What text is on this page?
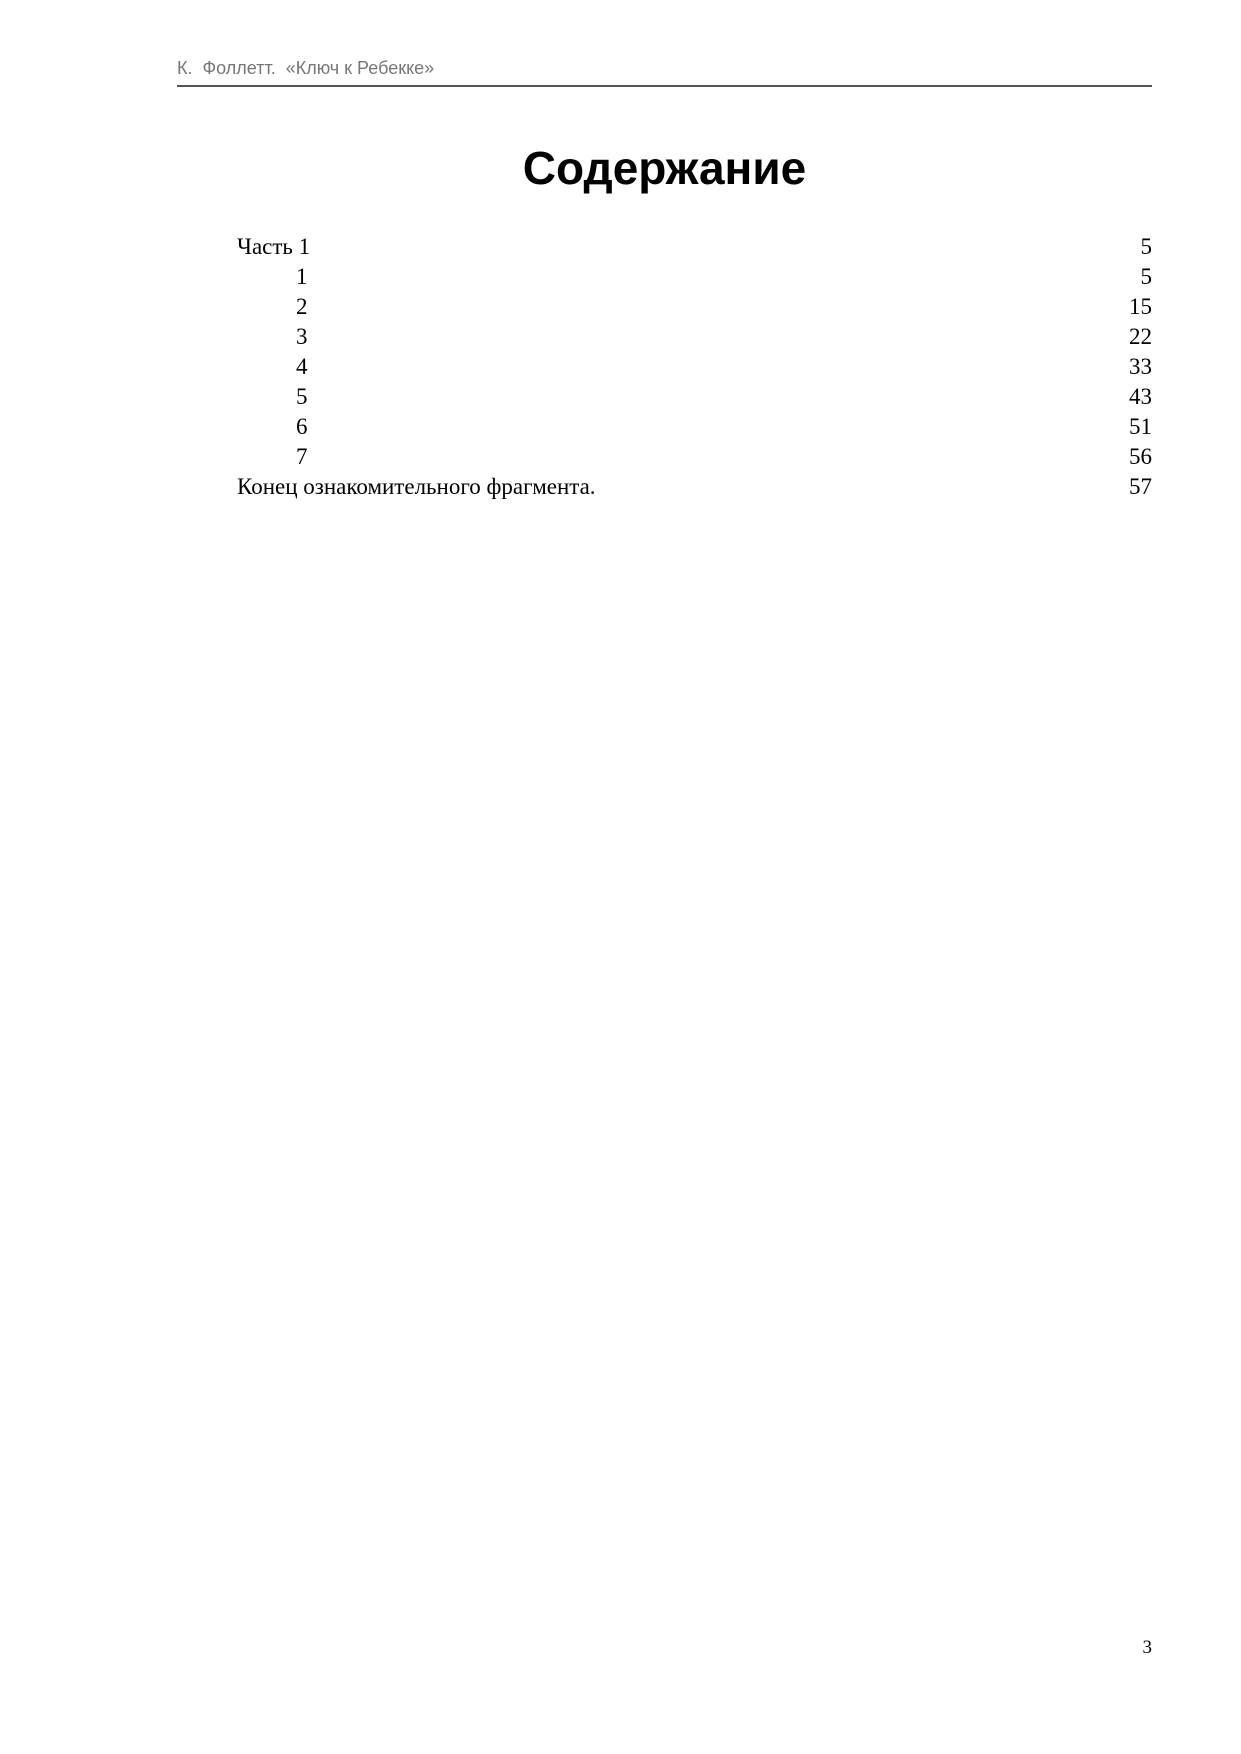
К.  Фоллетт.  «Ключ к Ребекке»
Содержание
Часть 1	5
1	5
2	15
3	22
4	33
5	43
6	51
7	56
Конец ознакомительного фрагмента.	57
3
